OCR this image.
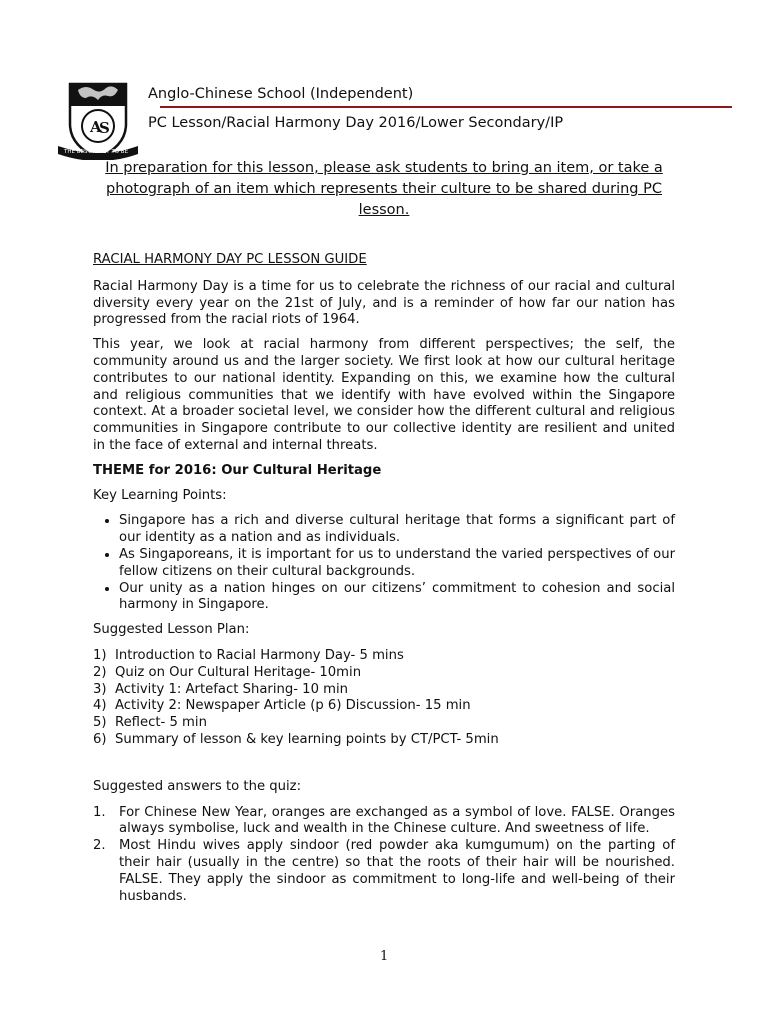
A
S
THE BEST IS YET TO BE
Anglo-Chinese School (Independent)
PC Lesson/Racial Harmony Day 2016/Lower Secondary/IP
In preparation for this lesson, please ask students to bring an item, or take a photograph of an item which represents their culture to be shared during PC lesson.
RACIAL HARMONY DAY PC LESSON GUIDE

Racial Harmony Day is a time for us to celebrate the richness of our racial and cultural diversity every year on the 21st of July, and is a reminder of how far our nation has progressed from the racial riots of 1964.

This year, we look at racial harmony from different perspectives; the self, the community around us and the larger society. We first look at how our cultural heritage contributes to our national identity. Expanding on this, we examine how the cultural and religious communities that we identify with have evolved within the Singapore context. At a broader societal level, we consider how the different cultural and religious communities in Singapore contribute to our collective identity are resilient and united in the face of external and internal threats.

THEME for 2016: Our Cultural Heritage
Key Learning Points:
• Singapore has a rich and diverse cultural heritage that forms a significant part of our identity as a nation and as individuals.
• As Singaporeans, it is important for us to understand the varied perspectives of our fellow citizens on their cultural backgrounds.
• Our unity as a nation hinges on our citizens’ commitment to cohesion and social harmony in Singapore.
Suggested Lesson Plan:
1) Introduction to Racial Harmony Day- 5 mins
2) Quiz on Our Cultural Heritage- 10min
3) Activity 1: Artefact Sharing- 10 min
4) Activity 2: Newspaper Article (p 6) Discussion- 15 min
5) Reflect- 5 min
6) Summary of lesson & key learning points by CT/PCT- 5min
Suggested answers to the quiz:
1. For Chinese New Year, oranges are exchanged as a symbol of love. FALSE. Oranges always symbolise, luck and wealth in the Chinese culture. And sweetness of life.
2. Most Hindu wives apply sindoor (red powder aka kumgumum) on the parting of their hair (usually in the centre) so that the roots of their hair will be nourished. FALSE. They apply the sindoor as commitment to long-life and well-being of their husbands.
1
